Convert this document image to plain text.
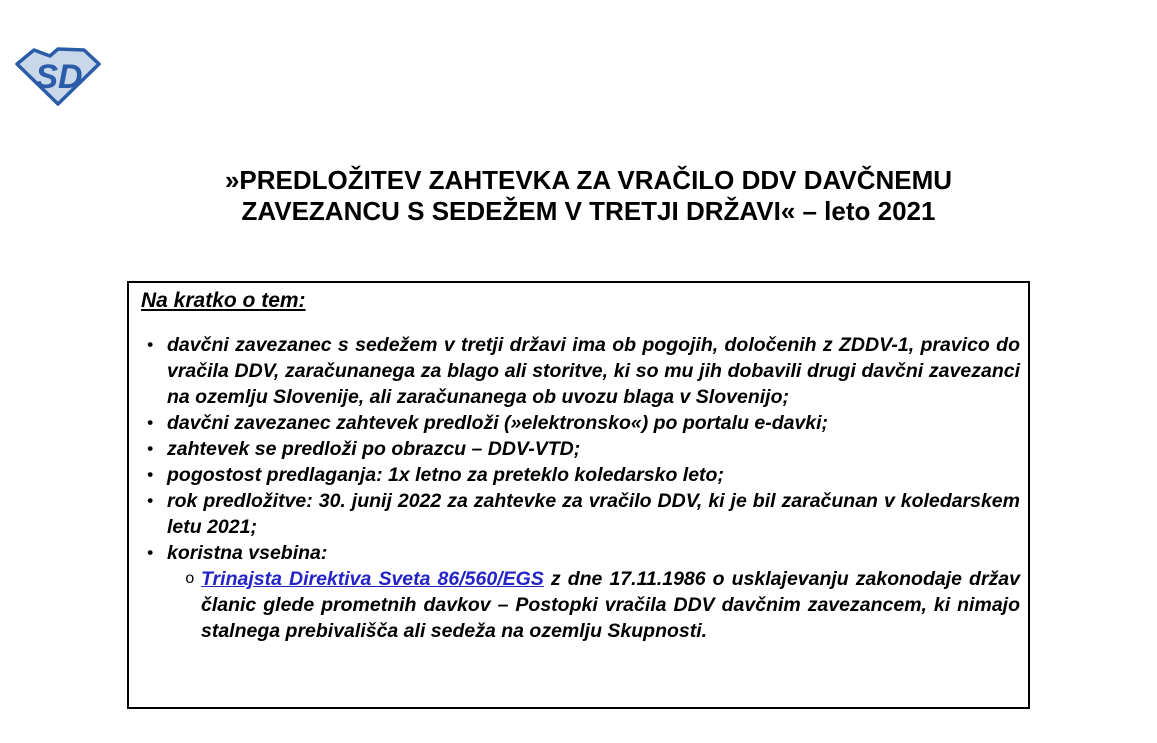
SD
»PREDLOŽITEV ZAHTEVKA ZA VRAČILO DDV DAVČNEMU
ZAVEZANCU S SEDEŽEM V TRETJI DRŽAVI« – leto 2021
Na kratko o tem:
• davčni zavezanec s sedežem v tretji državi ima ob pogojih, določenih z ZDDV-1, pravico do vračila DDV, zaračunanega za blago ali storitve, ki so mu jih dobavili drugi davčni zavezanci na ozemlju Slovenije, ali zaračunanega ob uvozu blaga v Slovenijo;
• davčni zavezanec zahtevek predloži (»elektronsko«) po portalu e-davki;
• zahtevek se predloži po obrazcu – DDV-VTD;
• pogostost predlaganja: 1x letno za preteklo koledarsko leto;
• rok predložitve: 30. junij 2022 za zahtevke za vračilo DDV, ki je bil zaračunan v koledarskem letu 2021;
• koristna vsebina:
o Trinajsta Direktiva Sveta 86/560/EGS z dne 17.11.1986 o usklajevanju zakonodaje držav članic glede prometnih davkov – Postopki vračila DDV davčnim zavezancem, ki nimajo stalnega prebivališča ali sedeža na ozemlju Skupnosti.
